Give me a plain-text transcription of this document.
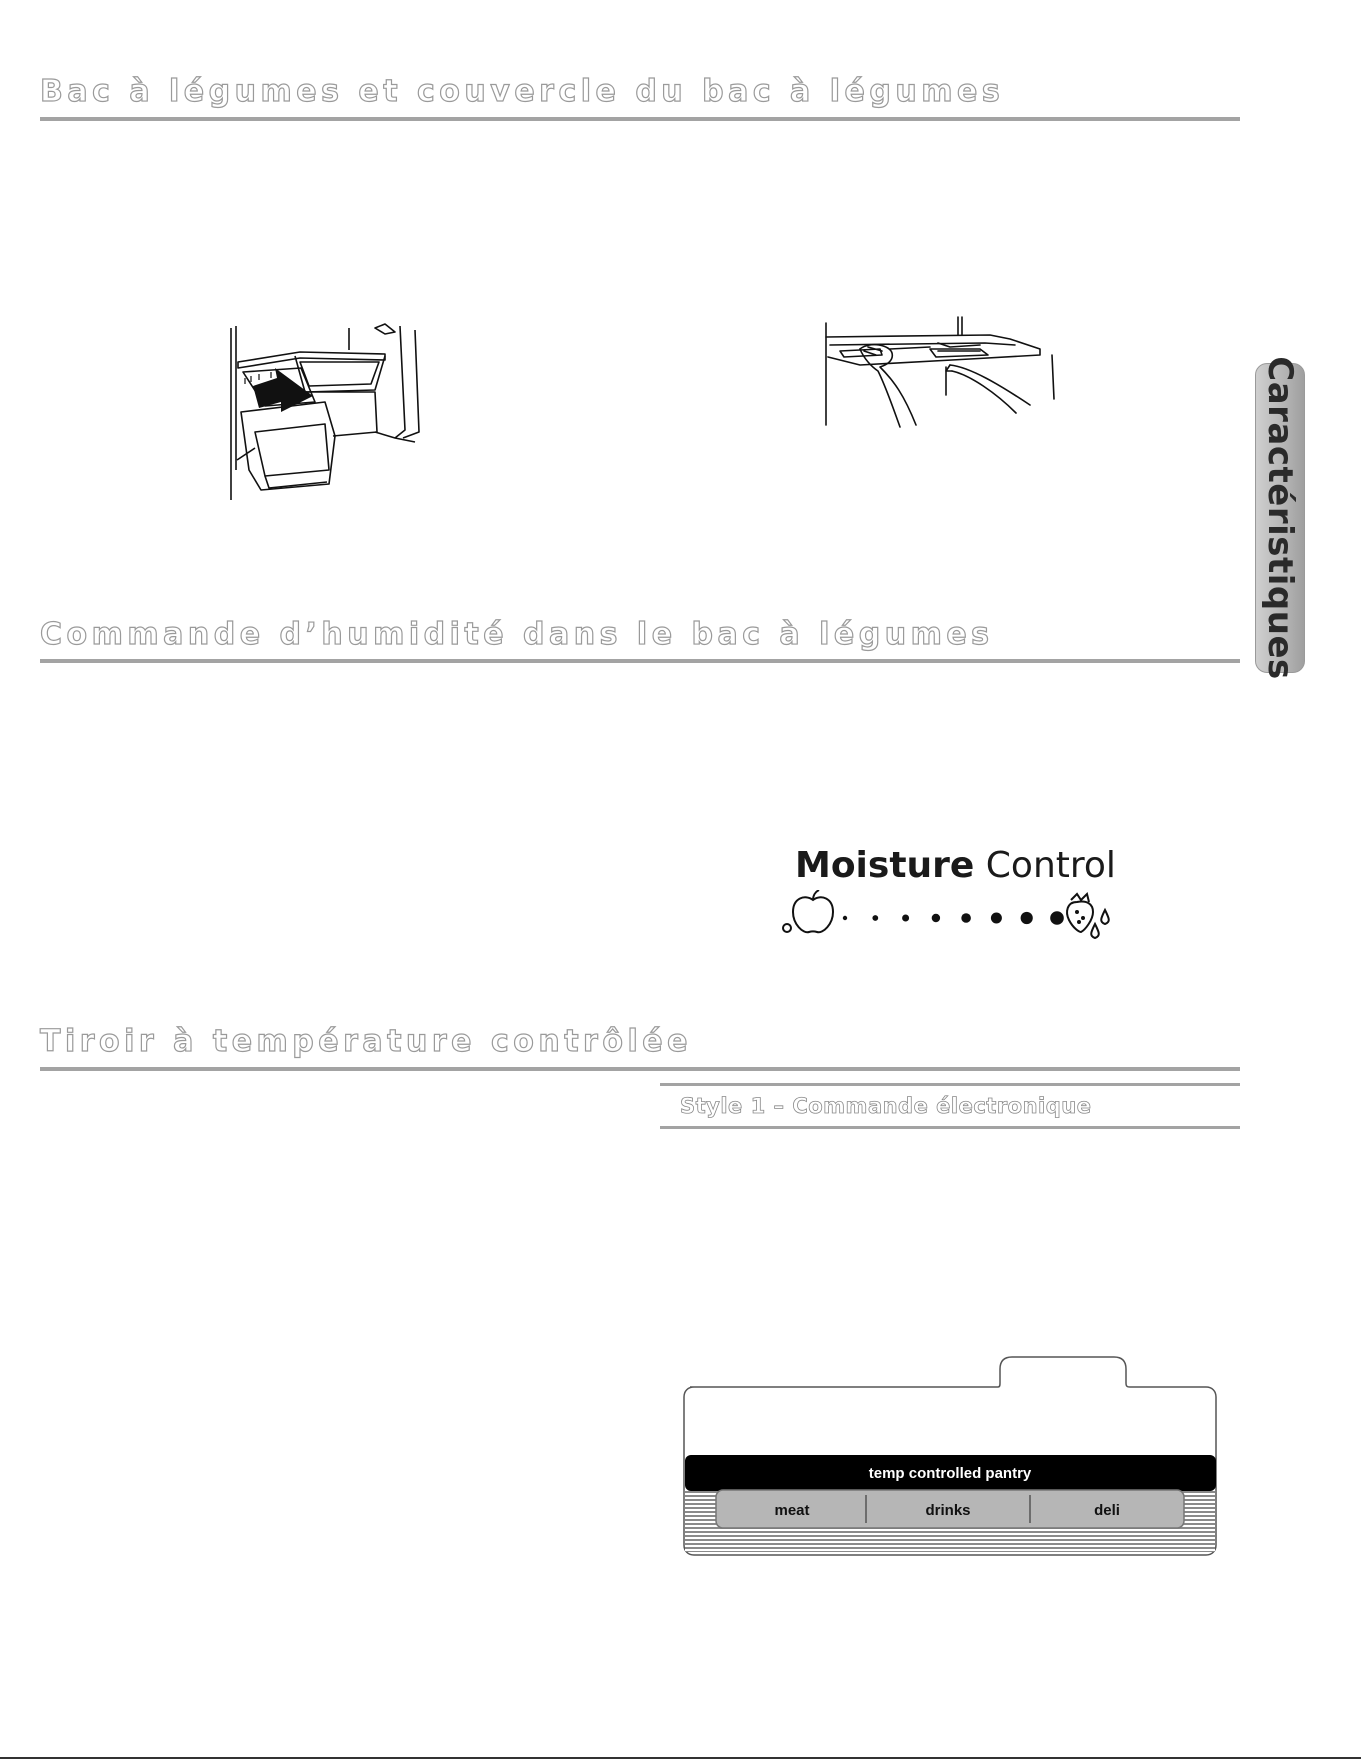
Bac à légumes et couvercle du bac à légumes
Commande d’humidité dans le bac à légumes	Caractéristiques
Moisture Control
Tiroir à température contrôlée
Style 1 – Commande électronique
temp controlled pantry
meat	drinks	deli
